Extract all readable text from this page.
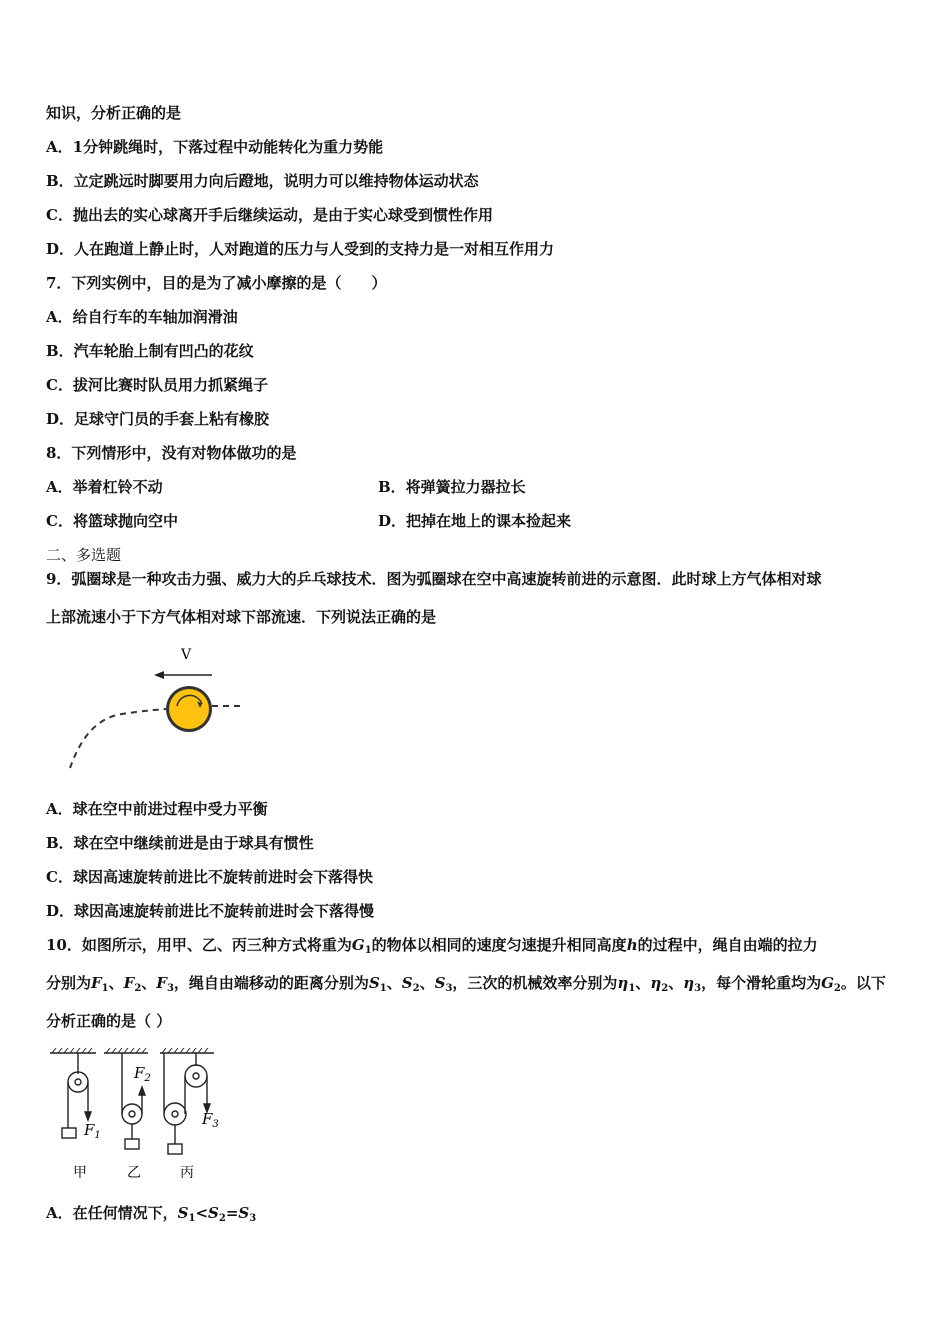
知识，分析正确的是
A．1分钟跳绳时，下落过程中动能转化为重力势能
B．立定跳远时脚要用力向后蹬地，说明力可以维持物体运动状态
C．抛出去的实心球离开手后继续运动，是由于实心球受到惯性作用
D．人在跑道上静止时，人对跑道的压力与人受到的支持力是一对相互作用力
7．下列实例中，目的是为了减小摩擦的是（　　）
A．给自行车的车轴加润滑油
B．汽车轮胎上制有凹凸的花纹
C．拔河比赛时队员用力抓紧绳子
D．足球守门员的手套上粘有橡胶
8．下列情形中，没有对物体做功的是
A．举着杠铃不动	B．将弹簧拉力器拉长
C．将篮球抛向空中	D．把掉在地上的课本捡起来
二、多选题
9．弧圈球是一种攻击力强、威力大的乒乓球技术．图为弧圈球在空中高速旋转前进的示意图．此时球上方气体相对球
上部流速小于下方气体相对球下部流速．下列说法正确的是
V
A．球在空中前进过程中受力平衡
B．球在空中继续前进是由于球具有惯性
C．球因高速旋转前进比不旋转前进时会下落得快
D．球因高速旋转前进比不旋转前进时会下落得慢
10．如图所示，用甲、乙、丙三种方式将重为$G_1$的物体以相同的速度匀速提升相同高度h的过程中，绳自由端的拉力
分别为$F_1$、$F_2$、$F_3$，绳自由端移动的距离分别为$S_1$、$S_2$、$S_3$，三次的机械效率分别为$\eta_1$、$\eta_2$、$\eta_3$，每个滑轮重均为$G_2$。以下
分析正确的是（ ）
$F_1$
$F_2$
$F_3$
甲	乙	丙
A．在任何情况下，$S_1<S_2=S_3$
